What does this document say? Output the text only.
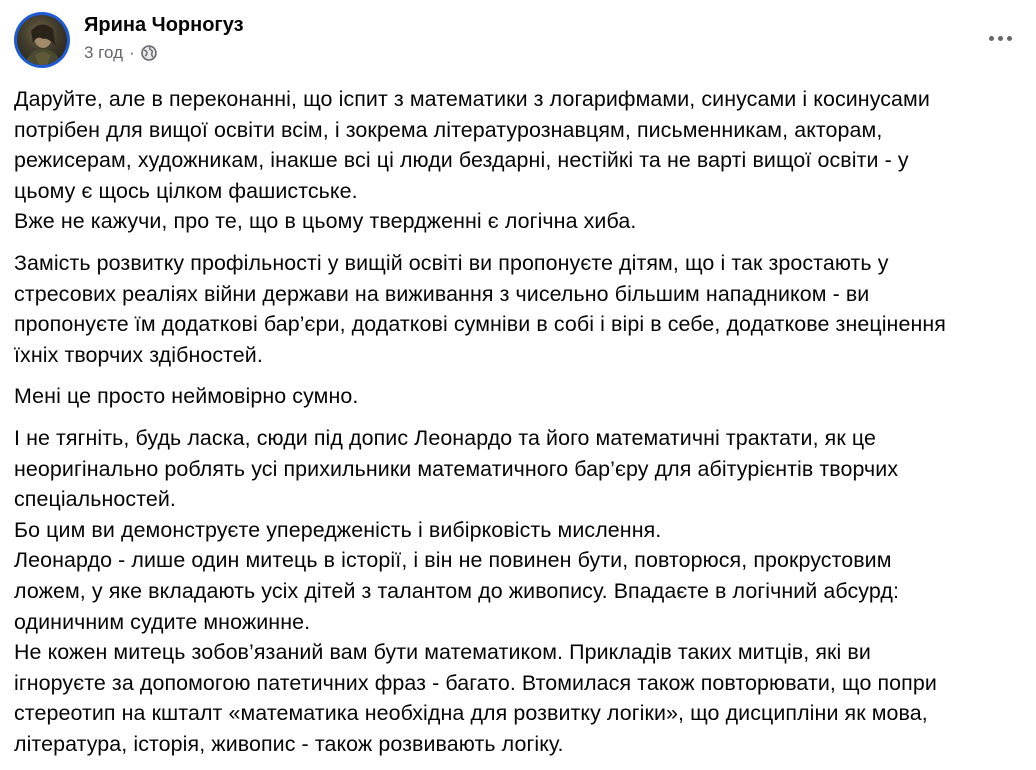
Ярина Чорногуз
3 год ·

Даруйте, але в переконанні, що іспит з математики з логарифмами, синусами і косинусами
потрібен для вищої освіти всім, і зокрема літературознавцям, письменникам, акторам,
режисерам, художникам, інакше всі ці люди бездарні, нестійкі та не варті вищої освіти - у
цьому є щось цілком фашистське.
Вже не кажучи, про те, що в цьому твердженні є логічна хиба.

Замість розвитку профільності у вищій освіті ви пропонуєте дітям, що і так зростають у
стресових реаліях війни держави на виживання з чисельно більшим нападником - ви
пропонуєте їм додаткові бар’єри, додаткові сумніви в собі і вірі в себе, додаткове знецінення
їхніх творчих здібностей.

Мені це просто неймовірно сумно.

І не тягніть, будь ласка, сюди під допис Леонардо та його математичні трактати, як це
неоригінально роблять усі прихильники математичного бар’єру для абітурієнтів творчих
спеціальностей.
Бо цим ви демонструєте упередженість і вибірковість мислення.
Леонардо - лише один митець в історії, і він не повинен бути, повторюся, прокрустовим
ложем, у яке вкладають усіх дітей з талантом до живопису. Впадаєте в логічний абсурд:
одиничним судите множинне.
Не кожен митець зобов’язаний вам бути математиком. Прикладів таких митців, які ви
ігноруєте за допомогою патетичних фраз - багато. Втомилася також повторювати, що попри
стереотип на кшталт «математика необхідна для розвитку логіки», що дисципліни як мова,
література, історія, живопис - також розвивають логіку.
